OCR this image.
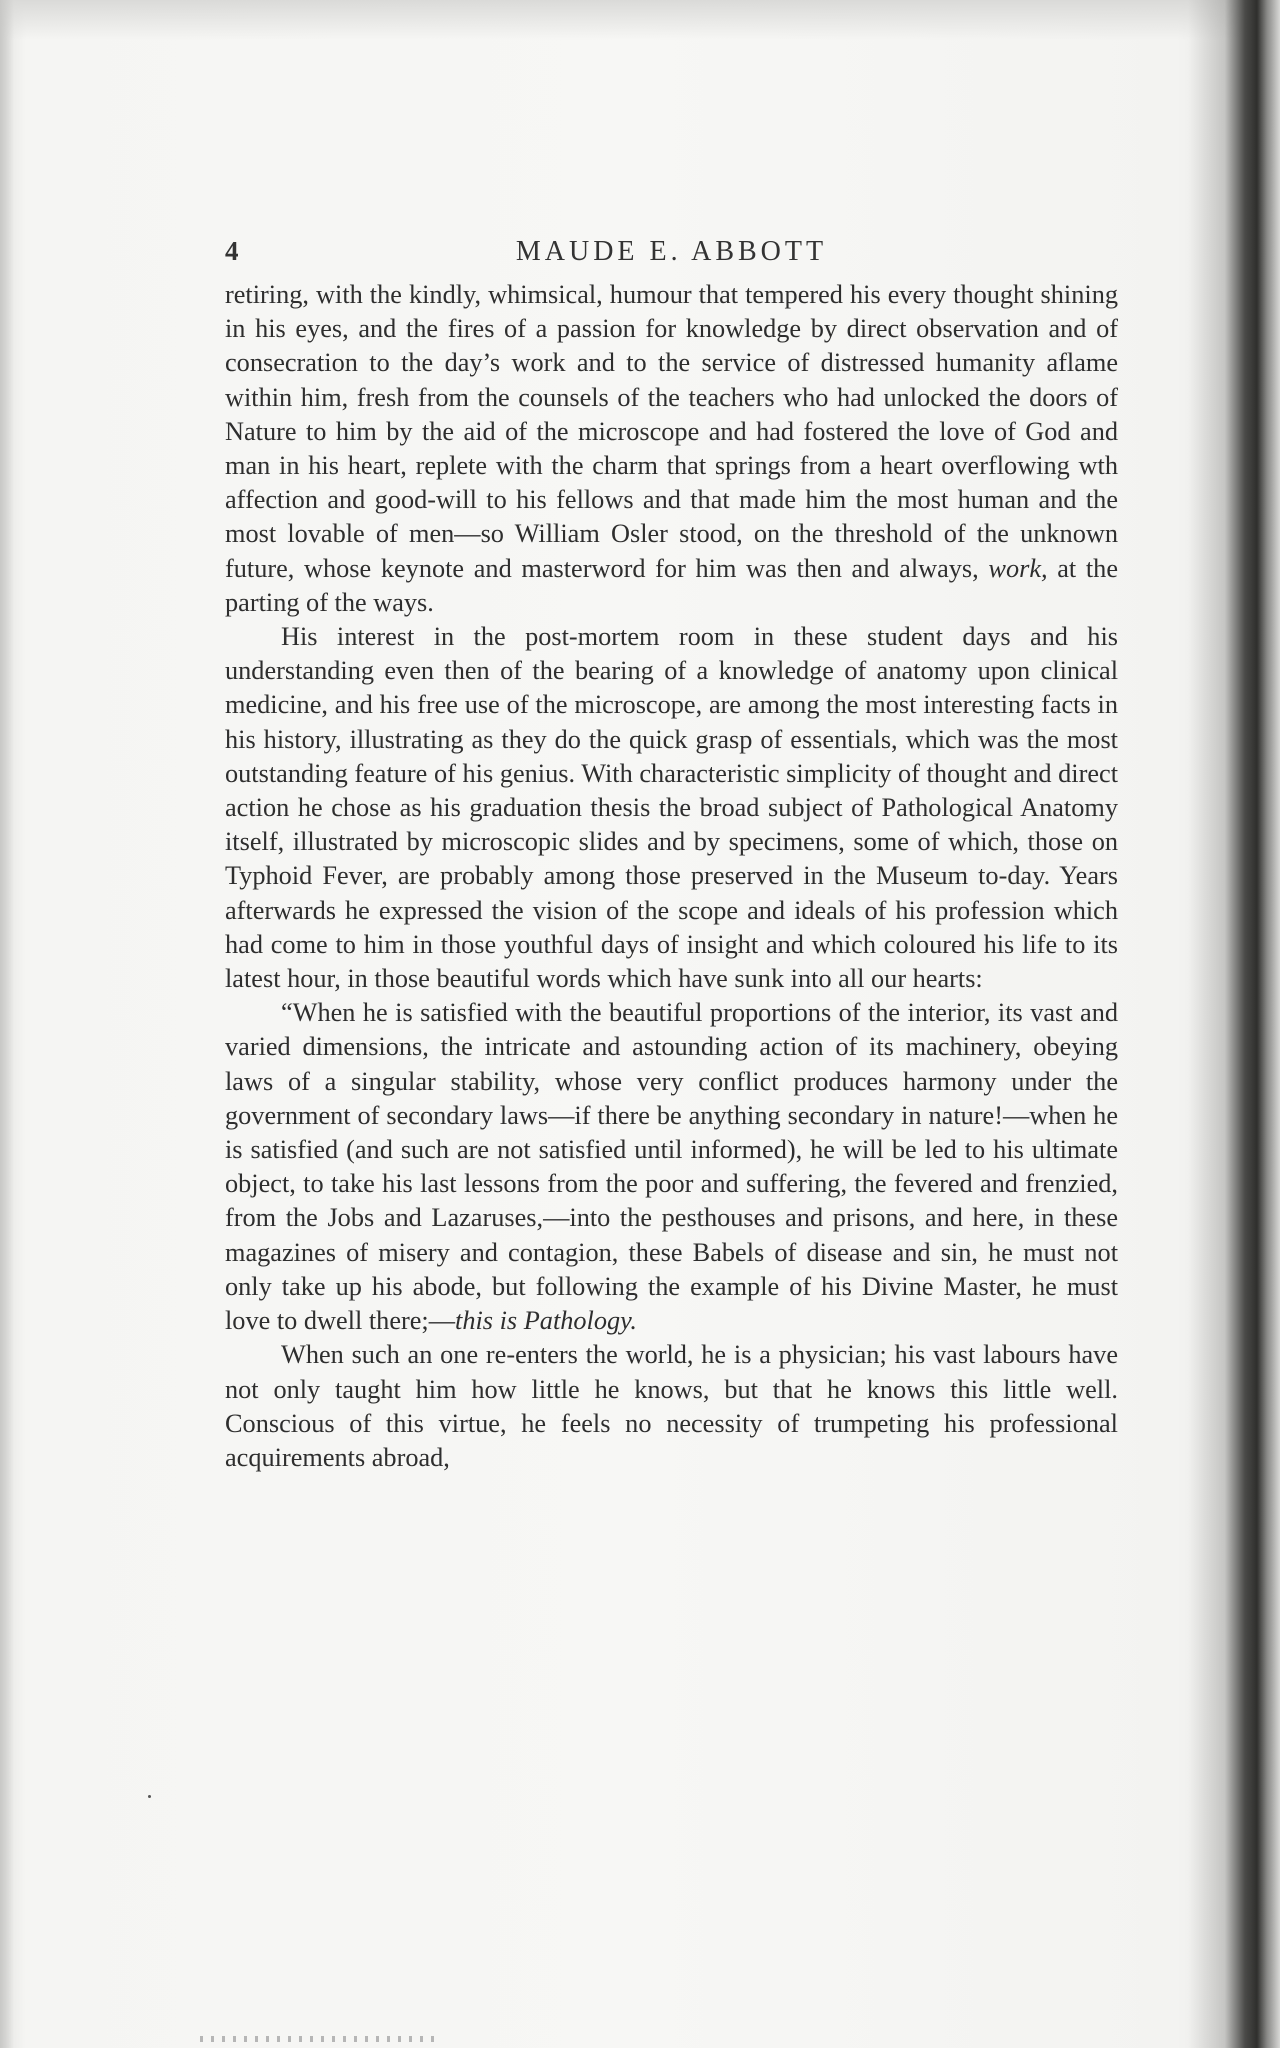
4	MAUDE E. ABBOTT

retiring, with the kindly, whimsical, humour that tempered his every thought shining in his eyes, and the fires of a passion for knowledge by direct observation and of consecration to the day’s work and to the service of distressed humanity aflame within him, fresh from the counsels of the teachers who had unlocked the doors of Nature to him by the aid of the microscope and had fostered the love of God and man in his heart, replete with the charm that springs from a heart overflowing wth affection and good-will to his fellows and that made him the most human and the most lovable of men—so William Osler stood, on the threshold of the unknown future, whose keynote and masterword for him was then and always, work, at the parting of the ways.

His interest in the post-mortem room in these student days and his understanding even then of the bearing of a knowledge of anatomy upon clinical medicine, and his free use of the microscope, are among the most interesting facts in his history, illustrating as they do the quick grasp of essentials, which was the most outstanding feature of his genius. With characteristic simplicity of thought and direct action he chose as his graduation thesis the broad subject of Pathological Anatomy itself, illustrated by microscopic slides and by specimens, some of which, those on Typhoid Fever, are probably among those preserved in the Museum to-day. Years afterwards he expressed the vision of the scope and ideals of his profession which had come to him in those youthful days of insight and which coloured his life to its latest hour, in those beautiful words which have sunk into all our hearts:

“When he is satisfied with the beautiful proportions of the interior, its vast and varied dimensions, the intricate and astounding action of its machinery, obeying laws of a singular stability, whose very conflict produces harmony under the government of secondary laws—if there be anything secondary in nature!—when he is satisfied (and such are not satisfied until informed), he will be led to his ultimate object, to take his last lessons from the poor and suffering, the fevered and frenzied, from the Jobs and Lazaruses,—into the pesthouses and prisons, and here, in these magazines of misery and contagion, these Babels of disease and sin, he must not only take up his abode, but following the example of his Divine Master, he must love to dwell there;—this is Pathology.

When such an one re-enters the world, he is a physician; his vast labours have not only taught him how little he knows, but that he knows this little well. Conscious of this virtue, he feels no necessity of trumpeting his professional acquirements abroad,
